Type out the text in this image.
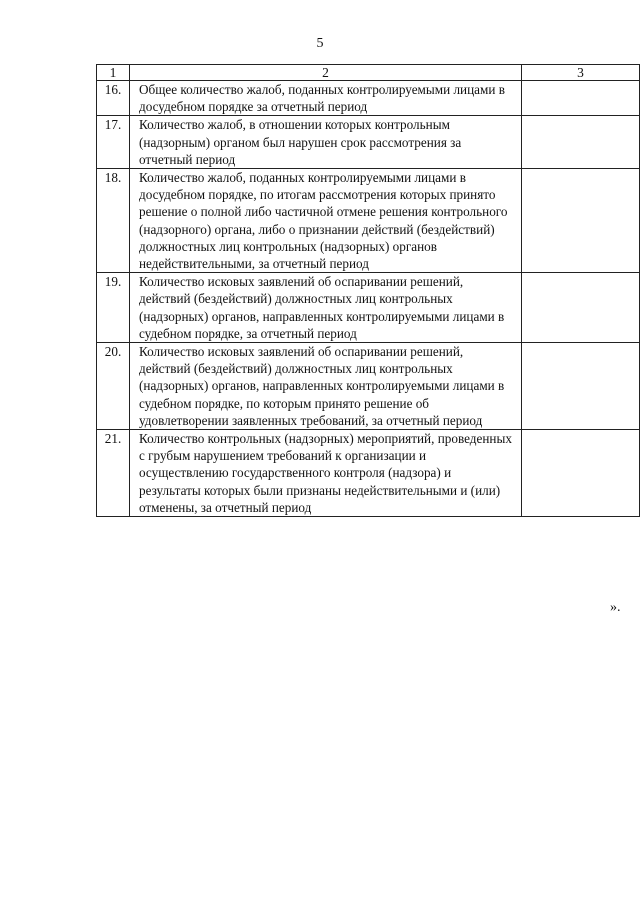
5
1	2	3
16.	Общее количество жалоб, поданных контролируемыми лицами в досудебном порядке за отчетный период	
17.	Количество жалоб, в отношении которых контрольным (надзорным) органом был нарушен срок рассмотрения за отчетный период	
18.	Количество жалоб, поданных контролируемыми лицами в досудебном порядке, по итогам рассмотрения которых принято решение о полной либо частичной отмене решения контрольного (надзорного) органа, либо о признании действий (бездействий) должностных лиц контрольных (надзорных) органов недействительными, за отчетный период	
19.	Количество исковых заявлений об оспаривании решений, действий (бездействий) должностных лиц контрольных (надзорных) органов, направленных контролируемыми лицами в судебном порядке, за отчетный период	
20.	Количество исковых заявлений об оспаривании решений, действий (бездействий) должностных лиц контрольных (надзорных) органов, направленных контролируемыми лицами в судебном порядке, по которым принято решение об удовлетворении заявленных требований, за отчетный период	
21.	Количество контрольных (надзорных) мероприятий, проведенных с грубым нарушением требований к организации и осуществлению государственного контроля (надзора) и результаты которых были признаны недействительными и (или) отменены, за отчетный период	
».
